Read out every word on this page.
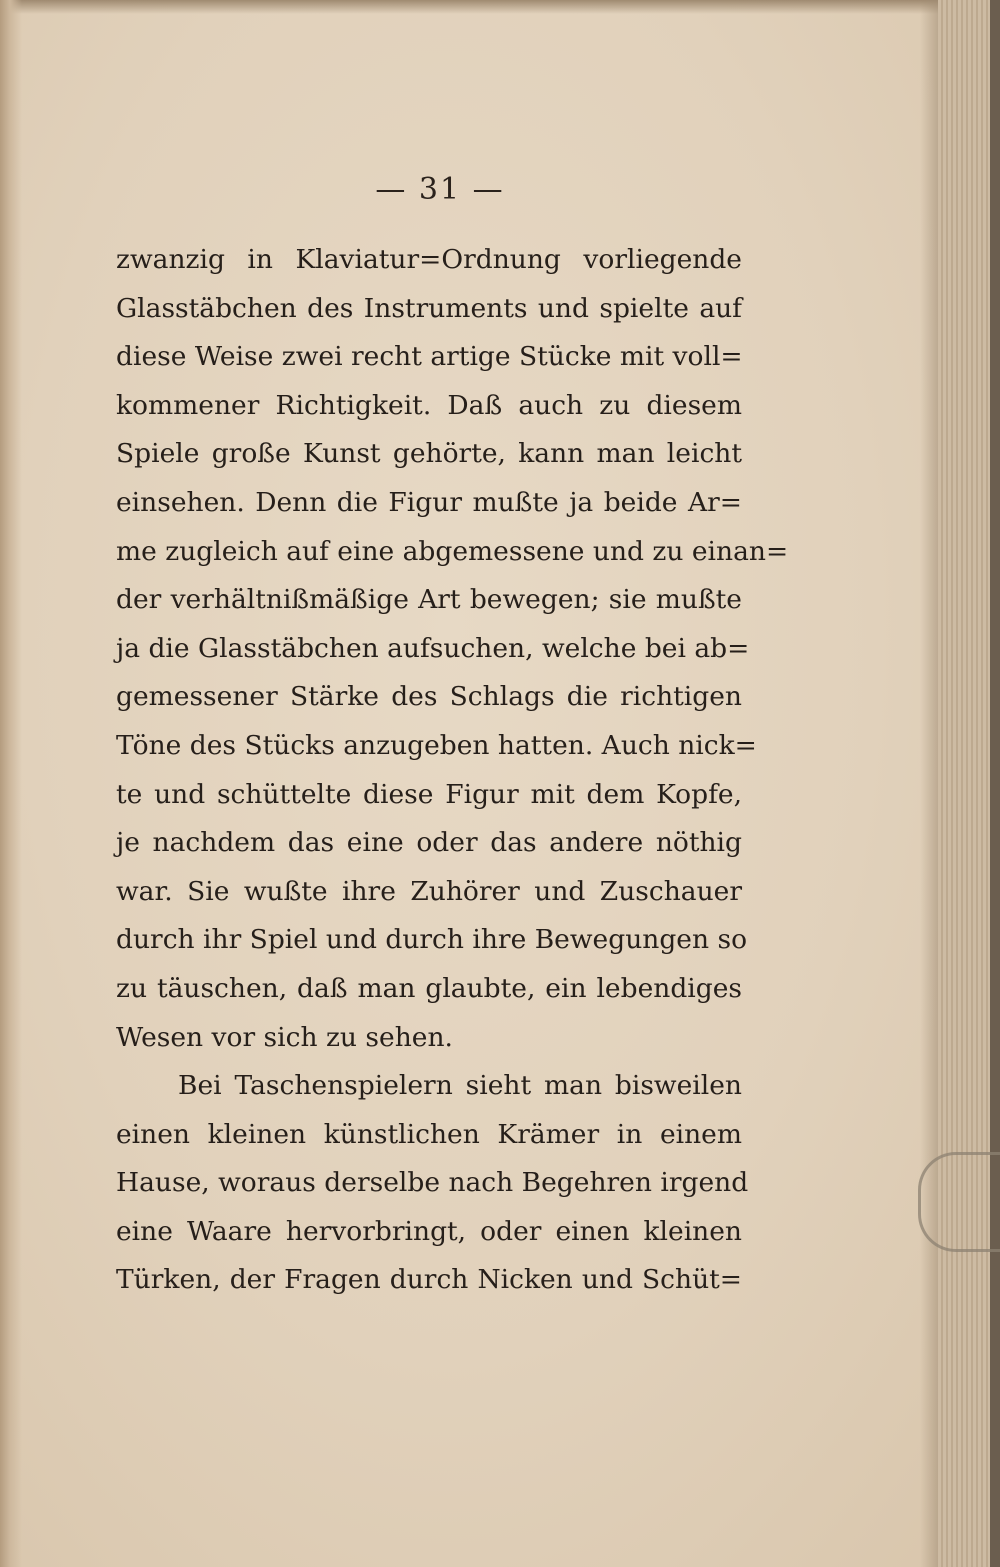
— 31 —
zwanzig in Klaviatur=Ordnung vorliegende
Glasstäbchen des Instruments und spielte auf
diese Weise zwei recht artige Stücke mit voll=
kommener Richtigkeit. Daß auch zu diesem
Spiele große Kunst gehörte, kann man leicht
einsehen. Denn die Figur mußte ja beide Ar=
me zugleich auf eine abgemessene und zu einan=
der verhältnißmäßige Art bewegen; sie mußte
ja die Glasstäbchen aufsuchen, welche bei ab=
gemessener Stärke des Schlags die richtigen
Töne des Stücks anzugeben hatten. Auch nick=
te und schüttelte diese Figur mit dem Kopfe,
je nachdem das eine oder das andere nöthig
war. Sie wußte ihre Zuhörer und Zuschauer
durch ihr Spiel und durch ihre Bewegungen so
zu täuschen, daß man glaubte, ein lebendiges
Wesen vor sich zu sehen.
Bei Taschenspielern sieht man bisweilen
einen kleinen künstlichen Krämer in einem
Hause, woraus derselbe nach Begehren irgend
eine Waare hervorbringt, oder einen kleinen
Türken, der Fragen durch Nicken und Schüt=
